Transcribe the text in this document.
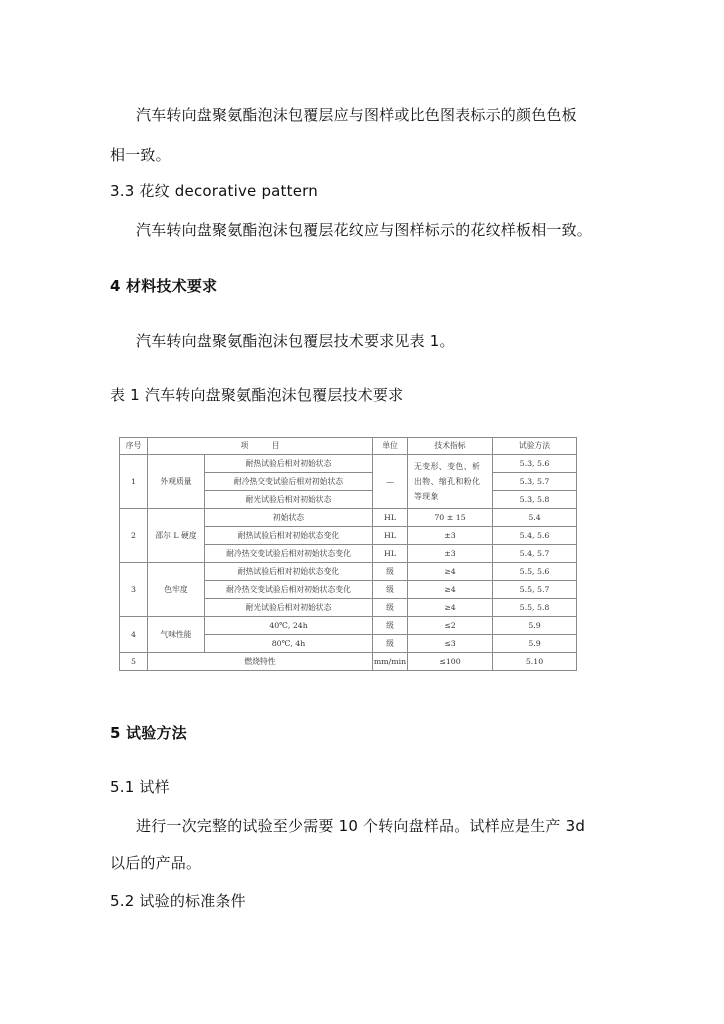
汽车转向盘聚氨酯泡沫包覆层应与图样或比色图表标示的颜色色板
相一致。
3.3 花纹 decorative pattern
汽车转向盘聚氨酯泡沫包覆层花纹应与图样标示的花纹样板相一致。
4 材料技术要求
汽车转向盘聚氨酯泡沫包覆层技术要求见表 1。
表 1 汽车转向盘聚氨酯泡沫包覆层技术要求
序号	项　　　目		单位	技术指标	试验方法
1	外观质量	耐热试验后相对初始状态	—	无变形、变色、析出物、缩孔和粉化等现象	5.3, 5.6
		耐冷热交变试验后相对初始状态			5.3, 5.7
		耐光试验后相对初始状态			5.3, 5.8
2	邵尔 L 硬度	初始状态	HL	70 ± 15	5.4
		耐热试验后相对初始状态变化	HL	±3	5.4, 5.6
		耐冷热交变试验后相对初始状态变化	HL	±3	5.4, 5.7
3	色牢度	耐热试验后相对初始状态变化	级	≥4	5.5, 5.6
		耐冷热交变试验后相对初始状态变化	级	≥4	5.5, 5.7
		耐光试验后相对初始状态	级	≥4	5.5, 5.8
4	气味性能	40℃, 24h	级	≤2	5.9
		80℃, 4h	级	≤3	5.9
5	燃烧特性		mm/min	≤100	5.10
5 试验方法
5.1 试样
进行一次完整的试验至少需要 10 个转向盘样品。试样应是生产 3d
以后的产品。
5.2 试验的标准条件
